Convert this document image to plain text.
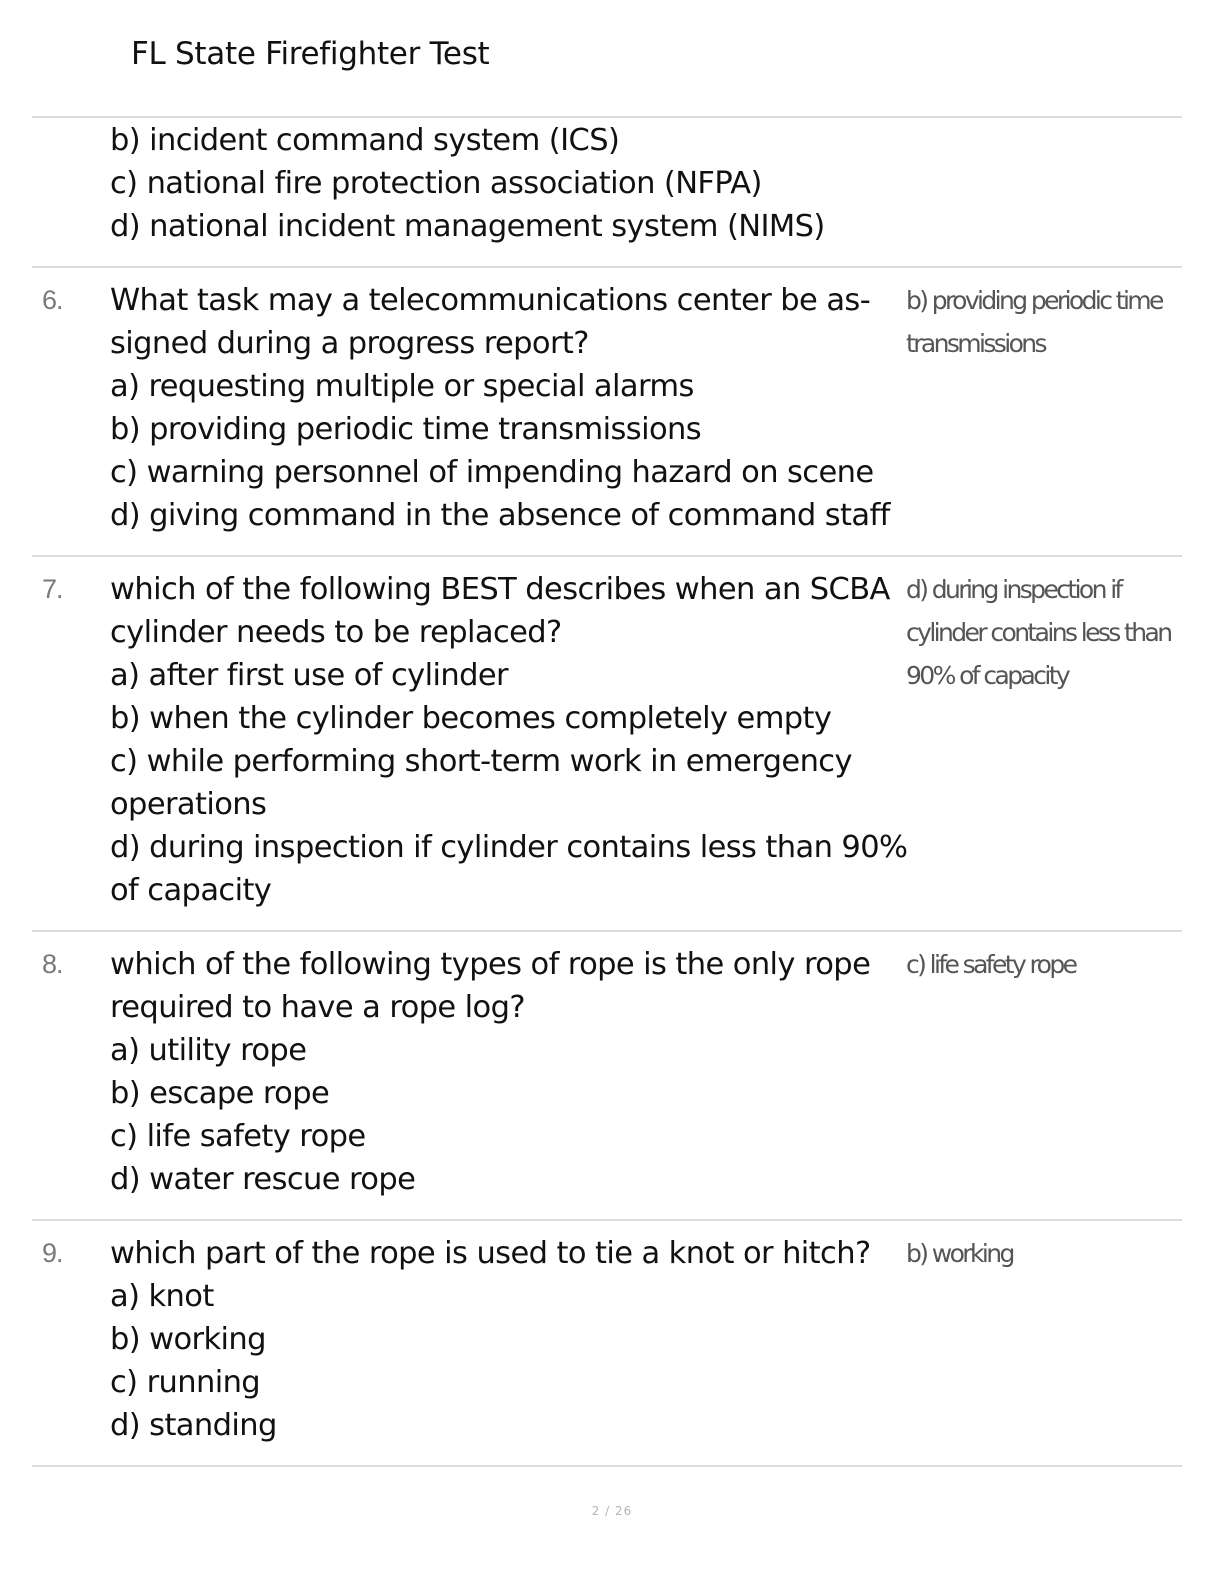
FL State Firefighter Test
b) incident command system (ICS)
c) national fire protection association (NFPA)
d) national incident management system (NIMS)
6. What task may a telecommunications center be as-
signed during a progress report?
a) requesting multiple or special alarms
b) providing periodic time transmissions
c) warning personnel of impending hazard on scene
d) giving command in the absence of command staff
b) providing periodic time
transmissions
7. which of the following BEST describes when an SCBA
cylinder needs to be replaced?
a) after first use of cylinder
b) when the cylinder becomes completely empty
c) while performing short-term work in emergency
operations
d) during inspection if cylinder contains less than 90%
of capacity
d) during inspection if
cylinder contains less than
90% of capacity
8. which of the following types of rope is the only rope
required to have a rope log?
a) utility rope
b) escape rope
c) life safety rope
d) water rescue rope
c) life safety rope
9. which part of the rope is used to tie a knot or hitch?
a) knot
b) working
c) running
d) standing
b) working
2 / 26
